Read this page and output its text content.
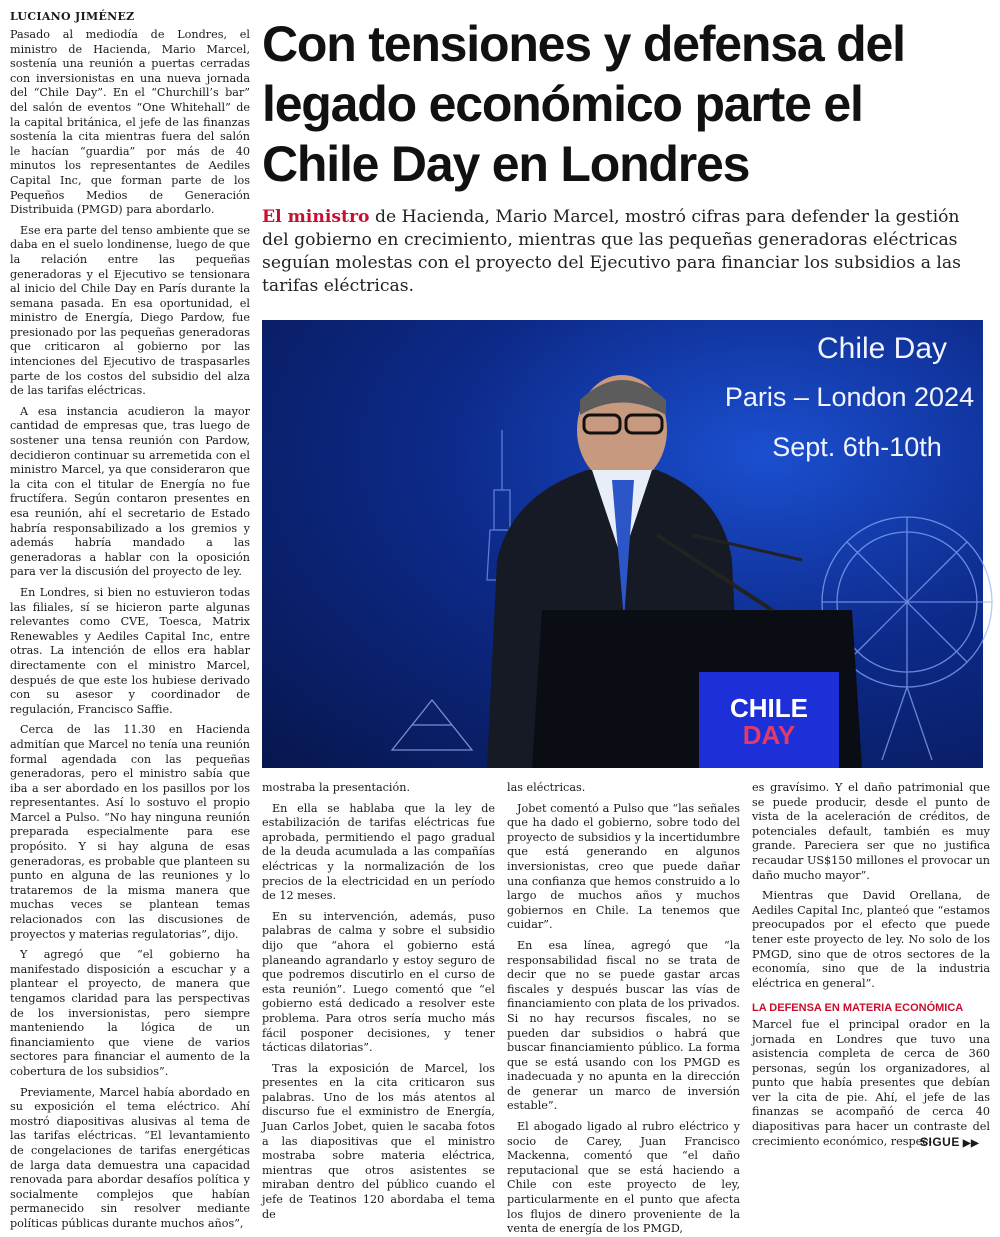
LUCIANO JIMÉNEZ

Pasado al mediodía de Londres, el ministro de Hacienda, Mario Marcel, sostenía una reunión a puertas cerradas con inversionistas en una nueva jornada del “Chile Day”. En el “Churchill’s bar” del salón de eventos “One Whitehall” de la capital británica, el jefe de las finanzas sostenía la cita mientras fuera del salón le hacían “guardia” por más de 40 minutos los representantes de Aediles Capital Inc, que forman parte de los Pequeños Medios de Generación Distribuida (PMGD) para abordarlo.

Ese era parte del tenso ambiente que se daba en el suelo londinense, luego de que la relación entre las pequeñas generadoras y el Ejecutivo se tensionara al inicio del Chile Day en París durante la semana pasada. En esa oportunidad, el ministro de Energía, Diego Pardow, fue presionado por las pequeñas generadoras que criticaron al gobierno por las intenciones del Ejecutivo de traspasarles parte de los costos del subsidio del alza de las tarifas eléctricas.

A esa instancia acudieron la mayor cantidad de empresas que, tras luego de sostener una tensa reunión con Pardow, decidieron continuar su arremetida con el ministro Marcel, ya que consideraron que la cita con el titular de Energía no fue fructífera. Según contaron presentes en esa reunión, ahí el secretario de Estado habría responsabilizado a los gremios y además habría mandado a las generadoras a hablar con la oposición para ver la discusión del proyecto de ley.

En Londres, si bien no estuvieron todas las filiales, sí se hicieron parte algunas relevantes como CVE, Toesca, Matrix Renewables y Aediles Capital Inc, entre otras. La intención de ellos era hablar directamente con el ministro Marcel, después de que este los hubiese derivado con su asesor y coordinador de regulación, Francisco Saffie.

Cerca de las 11.30 en Hacienda admitían que Marcel no tenía una reunión formal agendada con las pequeñas generadoras, pero el ministro sabía que iba a ser abordado en los pasillos por los representantes. Así lo sostuvo el propio Marcel a Pulso. “No hay ninguna reunión preparada especialmente para ese propósito. Y si hay alguna de esas generadoras, es probable que planteen su punto en alguna de las reuniones y lo trataremos de la misma manera que muchas veces se plantean temas relacionados con las discusiones de proyectos y materias regulatorias”, dijo.

Y agregó que “el gobierno ha manifestado disposición a escuchar y a plantear el proyecto, de manera que tengamos claridad para las perspectivas de los inversionistas, pero siempre manteniendo la lógica de un financiamiento que viene de varios sectores para financiar el aumento de la cobertura de los subsidios”.

Previamente, Marcel había abordado en su exposición el tema eléctrico. Ahí mostró diapositivas alusivas al tema de las tarifas eléctricas. “El levantamiento de congelaciones de tarifas energéticas de larga data demuestra una capacidad renovada para abordar desafíos política y socialmente complejos que habían permanecido sin resolver mediante políticas públicas durante muchos años”,

Con tensiones y defensa del legado económico parte el Chile Day en Londres
El ministro de Hacienda, Mario Marcel, mostró cifras para defender la gestión del gobierno en crecimiento, mientras que las pequeñas generadoras eléctricas seguían molestas con el proyecto del Ejecutivo para financiar los subsidios a las tarifas eléctricas.
Chile Day
Paris – London 2024
Sept. 6th-10th
CHILE
DAY

mostraba la presentación.

En ella se hablaba que la ley de estabilización de tarifas eléctricas fue aprobada, permitiendo el pago gradual de la deuda acumulada a las compañías eléctricas y la normalización de los precios de la electricidad en un período de 12 meses.

En su intervención, además, puso palabras de calma y sobre el subsidio dijo que “ahora el gobierno está planeando agrandarlo y estoy seguro de que podremos discutirlo en el curso de esta reunión”. Luego comentó que “el gobierno está dedicado a resolver este problema. Para otros sería mucho más fácil posponer decisiones, y tener tácticas dilatorias”.

Tras la exposición de Marcel, los presentes en la cita criticaron sus palabras. Uno de los más atentos al discurso fue el exministro de Energía, Juan Carlos Jobet, quien le sacaba fotos a las diapositivas que el ministro mostraba sobre materia eléctrica, mientras que otros asistentes se miraban dentro del público cuando el jefe de Teatinos 120 abordaba el tema de

las eléctricas.

Jobet comentó a Pulso que “las señales que ha dado el gobierno, sobre todo del proyecto de subsidios y la incertidumbre que está generando en algunos inversionistas, creo que puede dañar una confianza que hemos construido a lo largo de muchos años y muchos gobiernos en Chile. La tenemos que cuidar”.

En esa línea, agregó que “la responsabilidad fiscal no se trata de decir que no se puede gastar arcas fiscales y después buscar las vías de financiamiento con plata de los privados. Si no hay recursos fiscales, no se pueden dar subsidios o habrá que buscar financiamiento público. La forma que se está usando con los PMGD es inadecuada y no apunta en la dirección de generar un marco de inversión estable”.

El abogado ligado al rubro eléctrico y socio de Carey, Juan Francisco Mackenna, comentó que “el daño reputacional que se está haciendo a Chile con este proyecto de ley, particularmente en el punto que afecta los flujos de dinero proveniente de la venta de energía de los PMGD,

es gravísimo. Y el daño patrimonial que se puede producir, desde el punto de vista de la aceleración de créditos, de potenciales default, también es muy grande. Pareciera ser que no justifica recaudar US$150 millones el provocar un daño mucho mayor”.

Mientras que David Orellana, de Aediles Capital Inc, planteó que “estamos preocupados por el efecto que puede tener este proyecto de ley. No solo de los PMGD, sino que de otros sectores de la economía, sino que de la industria eléctrica en general”.

LA DEFENSA EN MATERIA ECONÓMICA

Marcel fue el principal orador en la jornada en Londres que tuvo una asistencia completa de cerca de 360 personas, según los organizadores, al punto que había presentes que debían ver la cita de pie. Ahí, el jefe de las finanzas se acompañó de cerca 40 diapositivas para hacer un contraste del crecimiento económico, respec-

SIGUE ▶▶
